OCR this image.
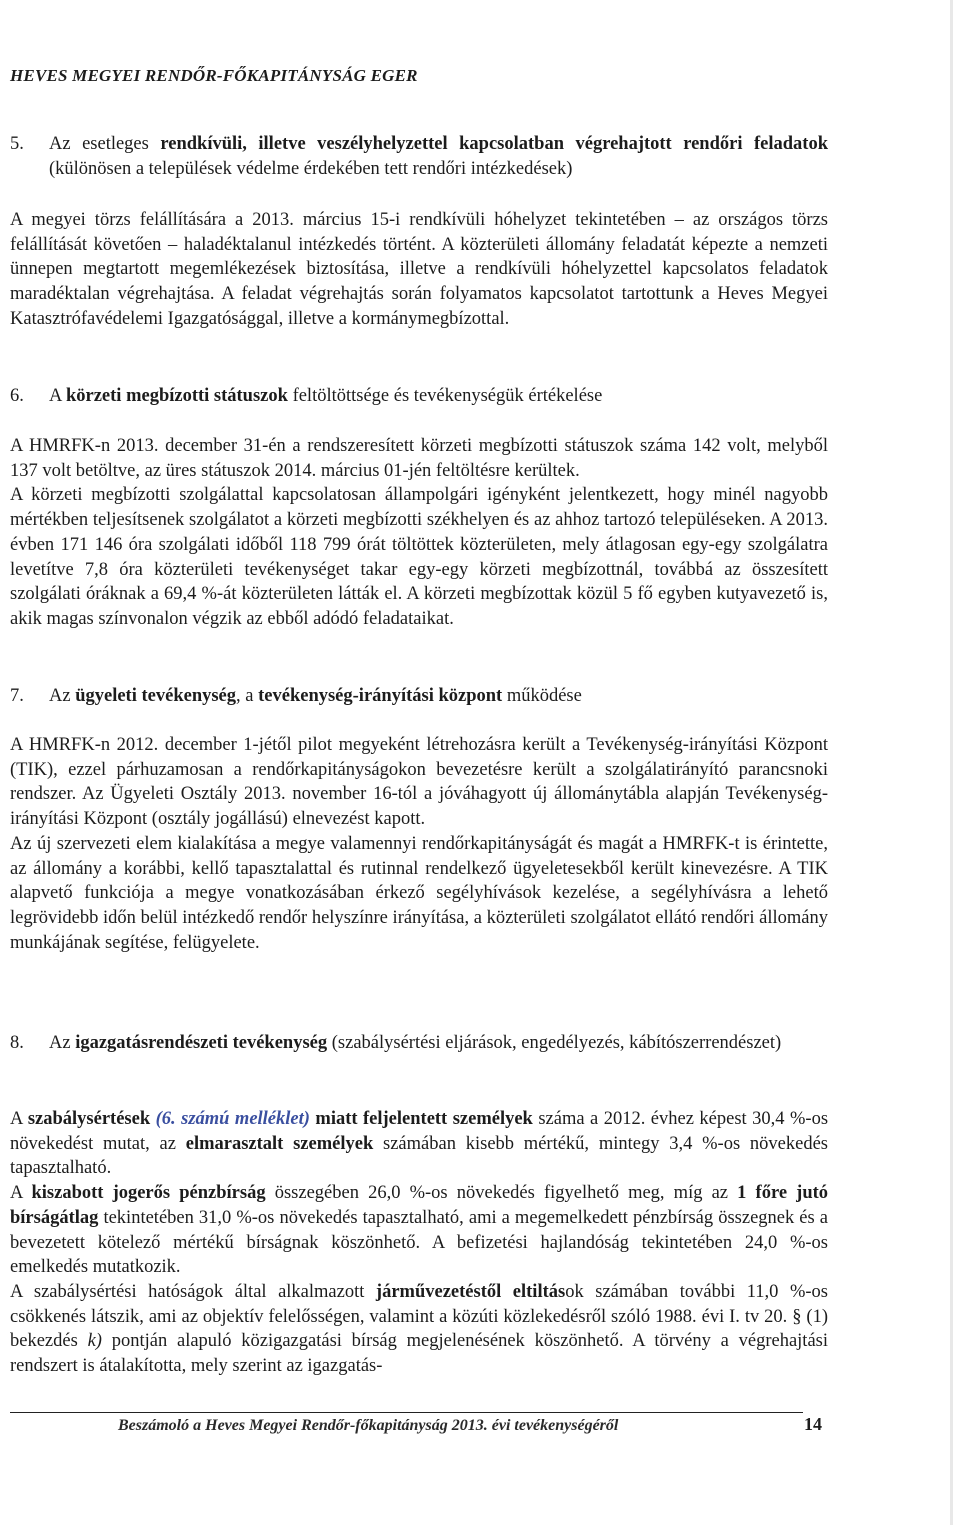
HEVES MEGYEI RENDŐR-FŐKAPITÁNYSÁG EGER
5. Az esetleges rendkívüli, illetve veszélyhelyzettel kapcsolatban végrehajtott rendőri feladatok (különösen a települések védelme érdekében tett rendőri intézkedések)

A megyei törzs felállítására a 2013. március 15-i rendkívüli hóhelyzet tekintetében – az országos törzs felállítását követően – haladéktalanul intézkedés történt. A közterületi állomány feladatát képezte a nemzeti ünnepen megtartott megemlékezések biztosítása, illetve a rendkívüli hóhelyzettel kapcsolatos feladatok maradéktalan végrehajtása. A feladat végrehajtás során folyamatos kapcsolatot tartottunk a Heves Megyei Katasztrófavédelemi Igazgatósággal, illetve a kormánymegbízottal.

6. A körzeti megbízotti státuszok feltöltöttsége és tevékenységük értékelése

A HMRFK-n 2013. december 31-én a rendszeresített körzeti megbízotti státuszok száma 142 volt, melyből 137 volt betöltve, az üres státuszok 2014. március 01-jén feltöltésre kerültek.

A körzeti megbízotti szolgálattal kapcsolatosan állampolgári igényként jelentkezett, hogy minél nagyobb mértékben teljesítsenek szolgálatot a körzeti megbízotti székhelyen és az ahhoz tartozó településeken. A 2013. évben 171 146 óra szolgálati időből 118 799 órát töltöttek közterületen, mely átlagosan egy-egy szolgálatra levetítve 7,8 óra közterületi tevékenységet takar egy-egy körzeti megbízottnál, továbbá az összesített szolgálati óráknak a 69,4 %-át közterületen látták el. A körzeti megbízottak közül 5 fő egyben kutyavezető is, akik magas színvonalon végzik az ebből adódó feladataikat.

7. Az ügyeleti tevékenység, a tevékenység-irányítási központ működése

A HMRFK-n 2012. december 1-jétől pilot megyeként létrehozásra került a Tevékenység-irányítási Központ (TIK), ezzel párhuzamosan a rendőrkapitányságokon bevezetésre került a szolgálatirányító parancsnoki rendszer. Az Ügyeleti Osztály 2013. november 16-tól a jóváhagyott új állománytábla alapján Tevékenység-irányítási Központ (osztály jogállású) elnevezést kapott.

Az új szervezeti elem kialakítása a megye valamennyi rendőrkapitányságát és magát a HMRFK-t is érintette, az állomány a korábbi, kellő tapasztalattal és rutinnal rendelkező ügyeletesekből került kinevezésre. A TIK alapvető funkciója a megye vonatkozásában érkező segélyhívások kezelése, a segélyhívásra a lehető legrövidebb időn belül intézkedő rendőr helyszínre irányítása, a közterületi szolgálatot ellátó rendőri állomány munkájának segítése, felügyelete.

8. Az igazgatásrendészeti tevékenység (szabálysértési eljárások, engedélyezés, kábítószerrendészet)

A szabálysértések (6. számú melléklet) miatt feljelentett személyek száma a 2012. évhez képest 30,4 %-os növekedést mutat, az elmarasztalt személyek számában kisebb mértékű, mintegy 3,4 %-os növekedés tapasztalható.

A kiszabott jogerős pénzbírság összegében 26,0 %-os növekedés figyelhető meg, míg az 1 főre jutó bírságátlag tekintetében 31,0 %-os növekedés tapasztalható, ami a megemelkedett pénzbírság összegnek és a bevezetett kötelező mértékű bírságnak köszönhető. A befizetési hajlandóság tekintetében 24,0 %-os emelkedés mutatkozik.

A szabálysértési hatóságok által alkalmazott járművezetéstől eltiltások számában további 11,0 %-os csökkenés látszik, ami az objektív felelősségen, valamint a közúti közlekedésről szóló 1988. évi I. tv 20. § (1) bekezdés k) pontján alapuló közigazgatási bírság megjelenésének köszönhető. A törvény a végrehajtási rendszert is átalakította, mely szerint az igazgatás-

Beszámoló a Heves Megyei Rendőr-főkapitányság 2013. évi tevékenységéről	14
